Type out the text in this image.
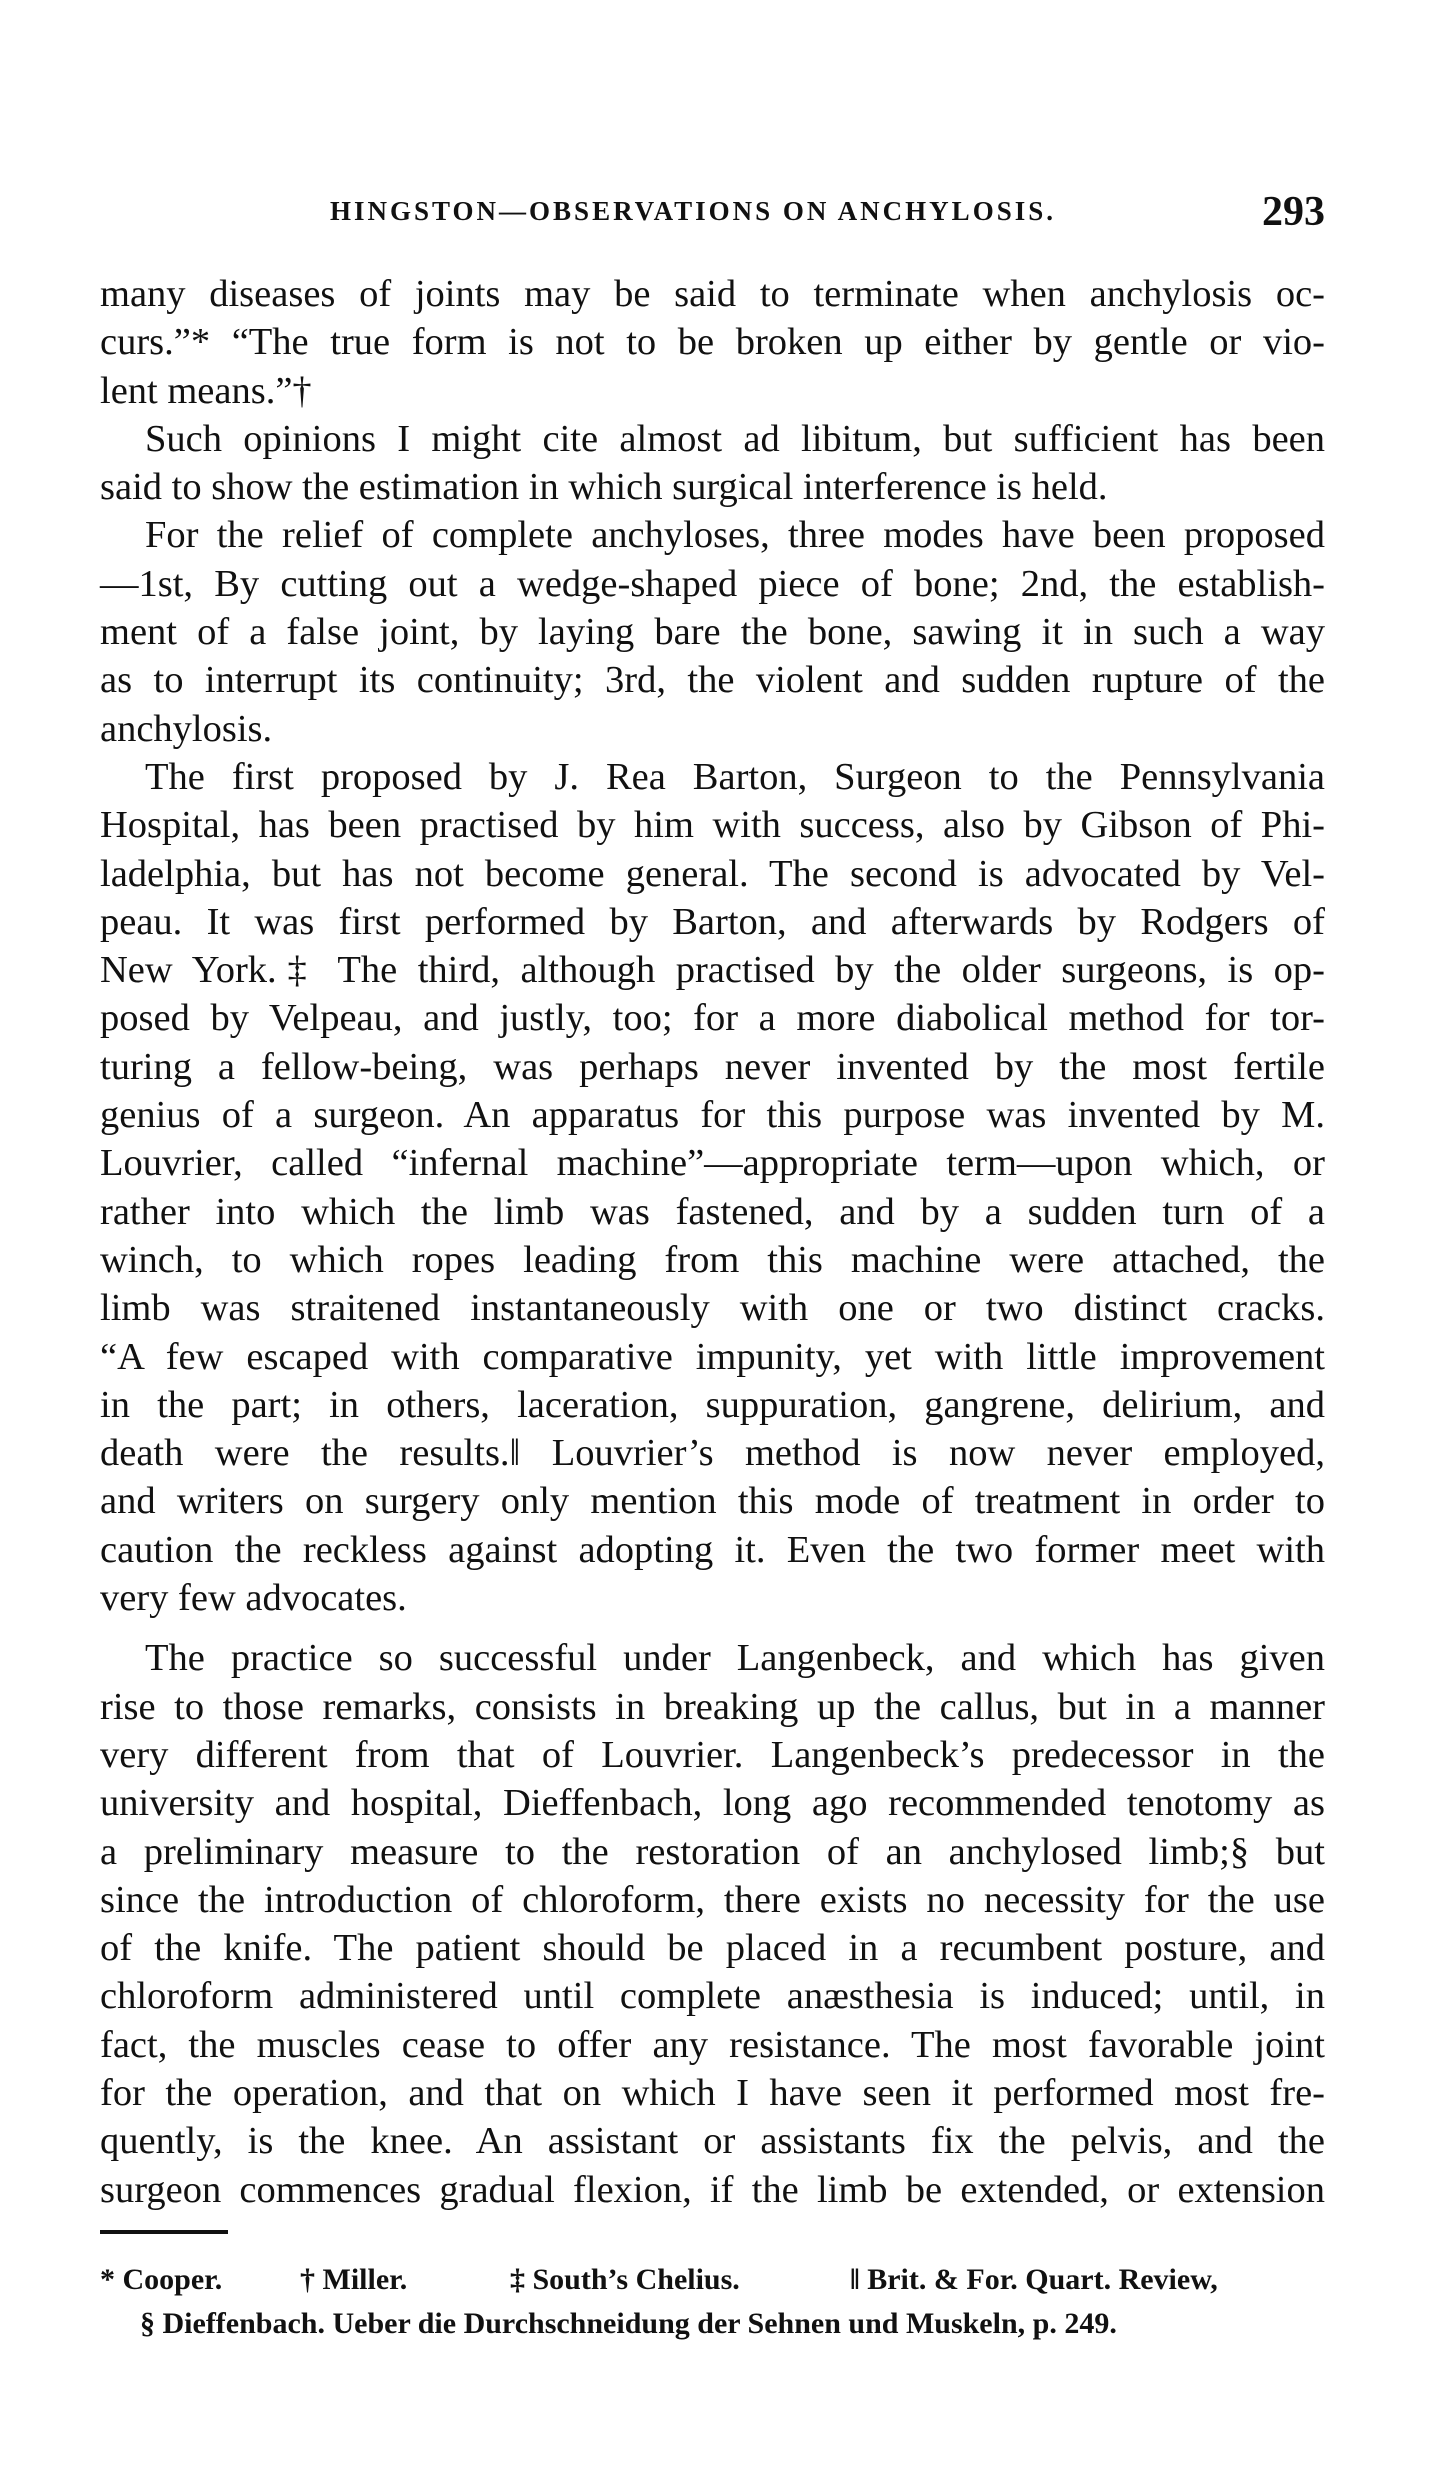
HINGSTON—OBSERVATIONS ON ANCHYLOSIS.	293

many diseases of joints may be said to terminate when anchylosis oc-
curs.”* “The true form is not to be broken up either by gentle or vio-
lent means.”†

Such opinions I might cite almost ad libitum, but sufficient has been
said to show the estimation in which surgical interference is held.

For the relief of complete anchyloses, three modes have been proposed
—1st, By cutting out a wedge-shaped piece of bone; 2nd, the establish-
ment of a false joint, by laying bare the bone, sawing it in such a way
as to interrupt its continuity; 3rd, the violent and sudden rupture of the
anchylosis.

The first proposed by J. Rea Barton, Surgeon to the Pennsylvania
Hospital, has been practised by him with success, also by Gibson of Phi-
ladelphia, but has not become general. The second is advocated by Vel-
peau. It was first performed by Barton, and afterwards by Rodgers of
New York.‡ The third, although practised by the older surgeons, is op-
posed by Velpeau, and justly, too; for a more diabolical method for tor-
turing a fellow-being, was perhaps never invented by the most fertile
genius of a surgeon. An apparatus for this purpose was invented by M.
Louvrier, called “infernal machine”—appropriate term—upon which, or
rather into which the limb was fastened, and by a sudden turn of a
winch, to which ropes leading from this machine were attached, the
limb was straitened instantaneously with one or two distinct cracks.
“A few escaped with comparative impunity, yet with little improvement
in the part; in others, laceration, suppuration, gangrene, delirium, and
death were the results.‖ Louvrier’s method is now never employed,
and writers on surgery only mention this mode of treatment in order to
caution the reckless against adopting it. Even the two former meet with
very few advocates.

The practice so successful under Langenbeck, and which has given
rise to those remarks, consists in breaking up the callus, but in a manner
very different from that of Louvrier. Langenbeck’s predecessor in the
university and hospital, Dieffenbach, long ago recommended tenotomy as
a preliminary measure to the restoration of an anchylosed limb;§ but
since the introduction of chloroform, there exists no necessity for the use
of the knife. The patient should be placed in a recumbent posture, and
chloroform administered until complete anæsthesia is induced; until, in
fact, the muscles cease to offer any resistance. The most favorable joint
for the operation, and that on which I have seen it performed most fre-
quently, is the knee. An assistant or assistants fix the pelvis, and the
surgeon commences gradual flexion, if the limb be extended, or extension

* Cooper.	† Miller.	‡ South’s Chelius.	‖ Brit. & For. Quart. Review,
§ Dieffenbach. Ueber die Durchschneidung der Sehnen und Muskeln, p. 249.
